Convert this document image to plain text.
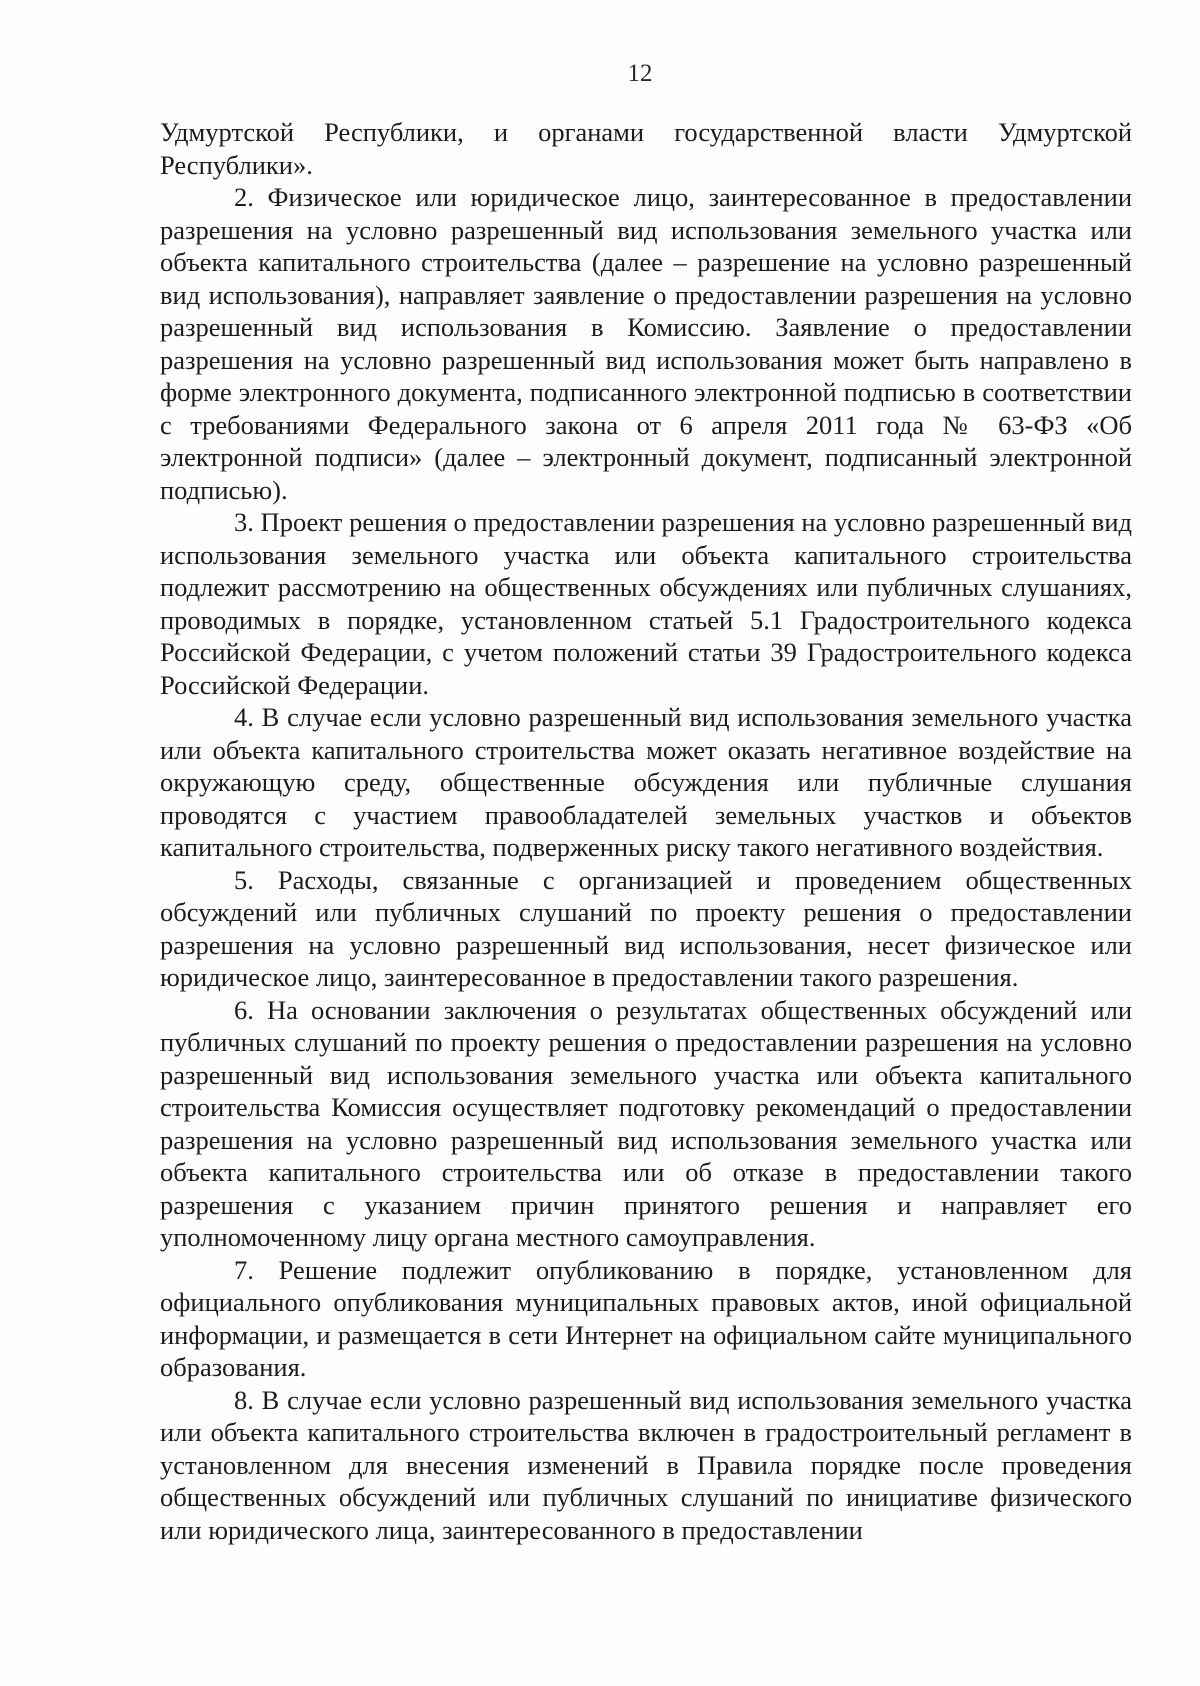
12

Удмуртской Республики, и органами государственной власти Удмуртской Республики».

2. Физическое или юридическое лицо, заинтересованное в предоставлении разрешения на условно разрешенный вид использования земельного участка или объекта капитального строительства (далее – разрешение на условно разрешенный вид использования), направляет заявление о предоставлении разрешения на условно разрешенный вид использования в Комиссию. Заявление о предоставлении разрешения на условно разрешенный вид использования может быть направлено в форме электронного документа, подписанного электронной подписью в соответствии с требованиями Федерального закона от 6 апреля 2011 года № 63-ФЗ «Об электронной подписи» (далее – электронный документ, подписанный электронной подписью).

3. Проект решения о предоставлении разрешения на условно разрешенный вид использования земельного участка или объекта капитального строительства подлежит рассмотрению на общественных обсуждениях или публичных слушаниях, проводимых в порядке, установленном статьей 5.1 Градостроительного кодекса Российской Федерации, с учетом положений статьи 39 Градостроительного кодекса Российской Федерации.

4. В случае если условно разрешенный вид использования земельного участка или объекта капитального строительства может оказать негативное воздействие на окружающую среду, общественные обсуждения или публичные слушания проводятся с участием правообладателей земельных участков и объектов капитального строительства, подверженных риску такого негативного воздействия.

5. Расходы, связанные с организацией и проведением общественных обсуждений или публичных слушаний по проекту решения о предоставлении разрешения на условно разрешенный вид использования, несет физическое или юридическое лицо, заинтересованное в предоставлении такого разрешения.

6. На основании заключения о результатах общественных обсуждений или публичных слушаний по проекту решения о предоставлении разрешения на условно разрешенный вид использования земельного участка или объекта капитального строительства Комиссия осуществляет подготовку рекомендаций о предоставлении разрешения на условно разрешенный вид использования земельного участка или объекта капитального строительства или об отказе в предоставлении такого разрешения с указанием причин принятого решения и направляет его уполномоченному лицу органа местного самоуправления.

7. Решение подлежит опубликованию в порядке, установленном для официального опубликования муниципальных правовых актов, иной официальной информации, и размещается в сети Интернет на официальном сайте муниципального образования.

8. В случае если условно разрешенный вид использования земельного участка или объекта капитального строительства включен в градостроительный регламент в установленном для внесения изменений в Правила порядке после проведения общественных обсуждений или публичных слушаний по инициативе физического или юридического лица, заинтересованного в предоставлении
